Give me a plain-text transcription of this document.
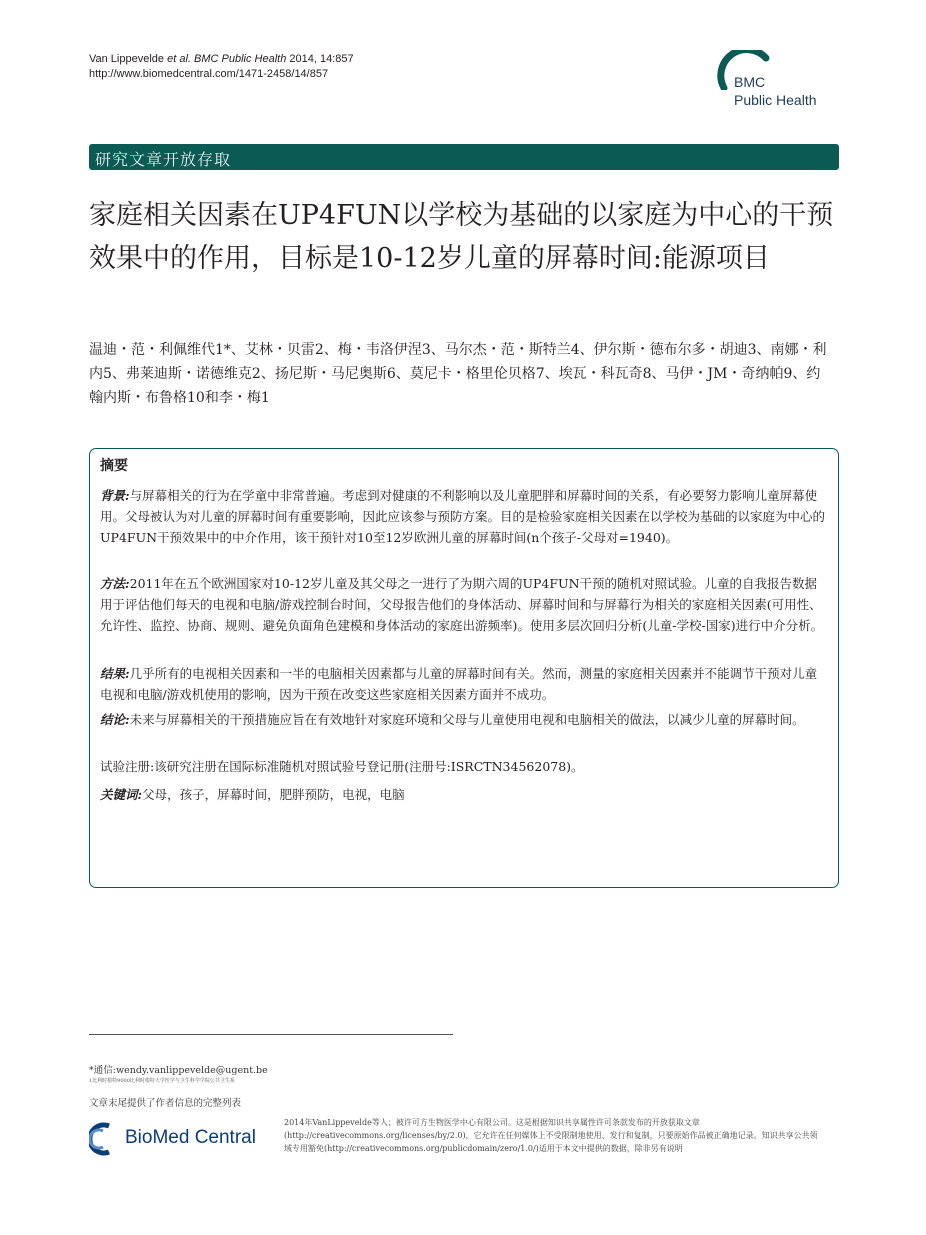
Van Lippevelde et al. BMC Public Health 2014, 14:857
http://www.biomedcentral.com/1471-2458/14/857	BMC
Public Health
研究文章开放存取
家庭相关因素在UP4FUN以学校为基础的以家庭为中心的干预效果中的作用，目标是10-12岁儿童的屏幕时间:能源项目
温迪・范・利佩维代1*、艾林・贝雷2、梅・韦洛伊涅3、马尔杰・范・斯特兰4、伊尔斯・德布尔多・胡迪3、南娜・利内5、弗莱迪斯・诺德维克2、扬尼斯・马尼奥斯6、莫尼卡・格里伦贝格7、埃瓦・科瓦奇8、马伊・JM・奇纳帕9、约翰内斯・布鲁格10和李・梅1
摘要
背景:与屏幕相关的行为在学童中非常普遍。考虑到对健康的不利影响以及儿童肥胖和屏幕时间的关系，有必要努力影响儿童屏幕使用。父母被认为对儿童的屏幕时间有重要影响，因此应该参与预防方案。目的是检验家庭相关因素在以学校为基础的以家庭为中心的UP4FUN干预效果中的中介作用，该干预针对10至12岁欧洲儿童的屏幕时间(n个孩子-父母对=1940)。
方法:2011年在五个欧洲国家对10-12岁儿童及其父母之一进行了为期六周的UP4FUN干预的随机对照试验。儿童的自我报告数据用于评估他们每天的电视和电脑/游戏控制台时间，父母报告他们的身体活动、屏幕时间和与屏幕行为相关的家庭相关因素(可用性、允许性、监控、协商、规则、避免负面角色建模和身体活动的家庭出游频率)。使用多层次回归分析(儿童-学校-国家)进行中介分析。
结果:几乎所有的电视相关因素和一半的电脑相关因素都与儿童的屏幕时间有关。然而，测量的家庭相关因素并不能调节干预对儿童电视和电脑/游戏机使用的影响，因为干预在改变这些家庭相关因素方面并不成功。
结论:未来与屏幕相关的干预措施应旨在有效地针对家庭环境和父母与儿童使用电视和电脑相关的做法，以减少儿童的屏幕时间。
试验注册:该研究注册在国际标准随机对照试验号登记册(注册号:ISRCTN34562078)。
关键词:父母，孩子，屏幕时间，肥胖预防，电视，电脑
*通信:wendy.vanlippevelde@ugent.be
1比利时根特9000比利时根特大学医学与卫生科学学院公共卫生系
文章末尾提供了作者信息的完整列表
BioMed Central
2014年VanLippevelde等人；被许可方生物医学中心有限公司。这是根据知识共享属性许可条款发布的开放获取文章(http://creativecommons.org/licenses/by/2.0)，它允许在任何媒体上不受限制地使用、发行和复制，只要原始作品被正确地记录。知识共享公共领域专用豁免(http://creativecommons.org/publicdomain/zero/1.0/)适用于本文中提供的数据，除非另有说明
